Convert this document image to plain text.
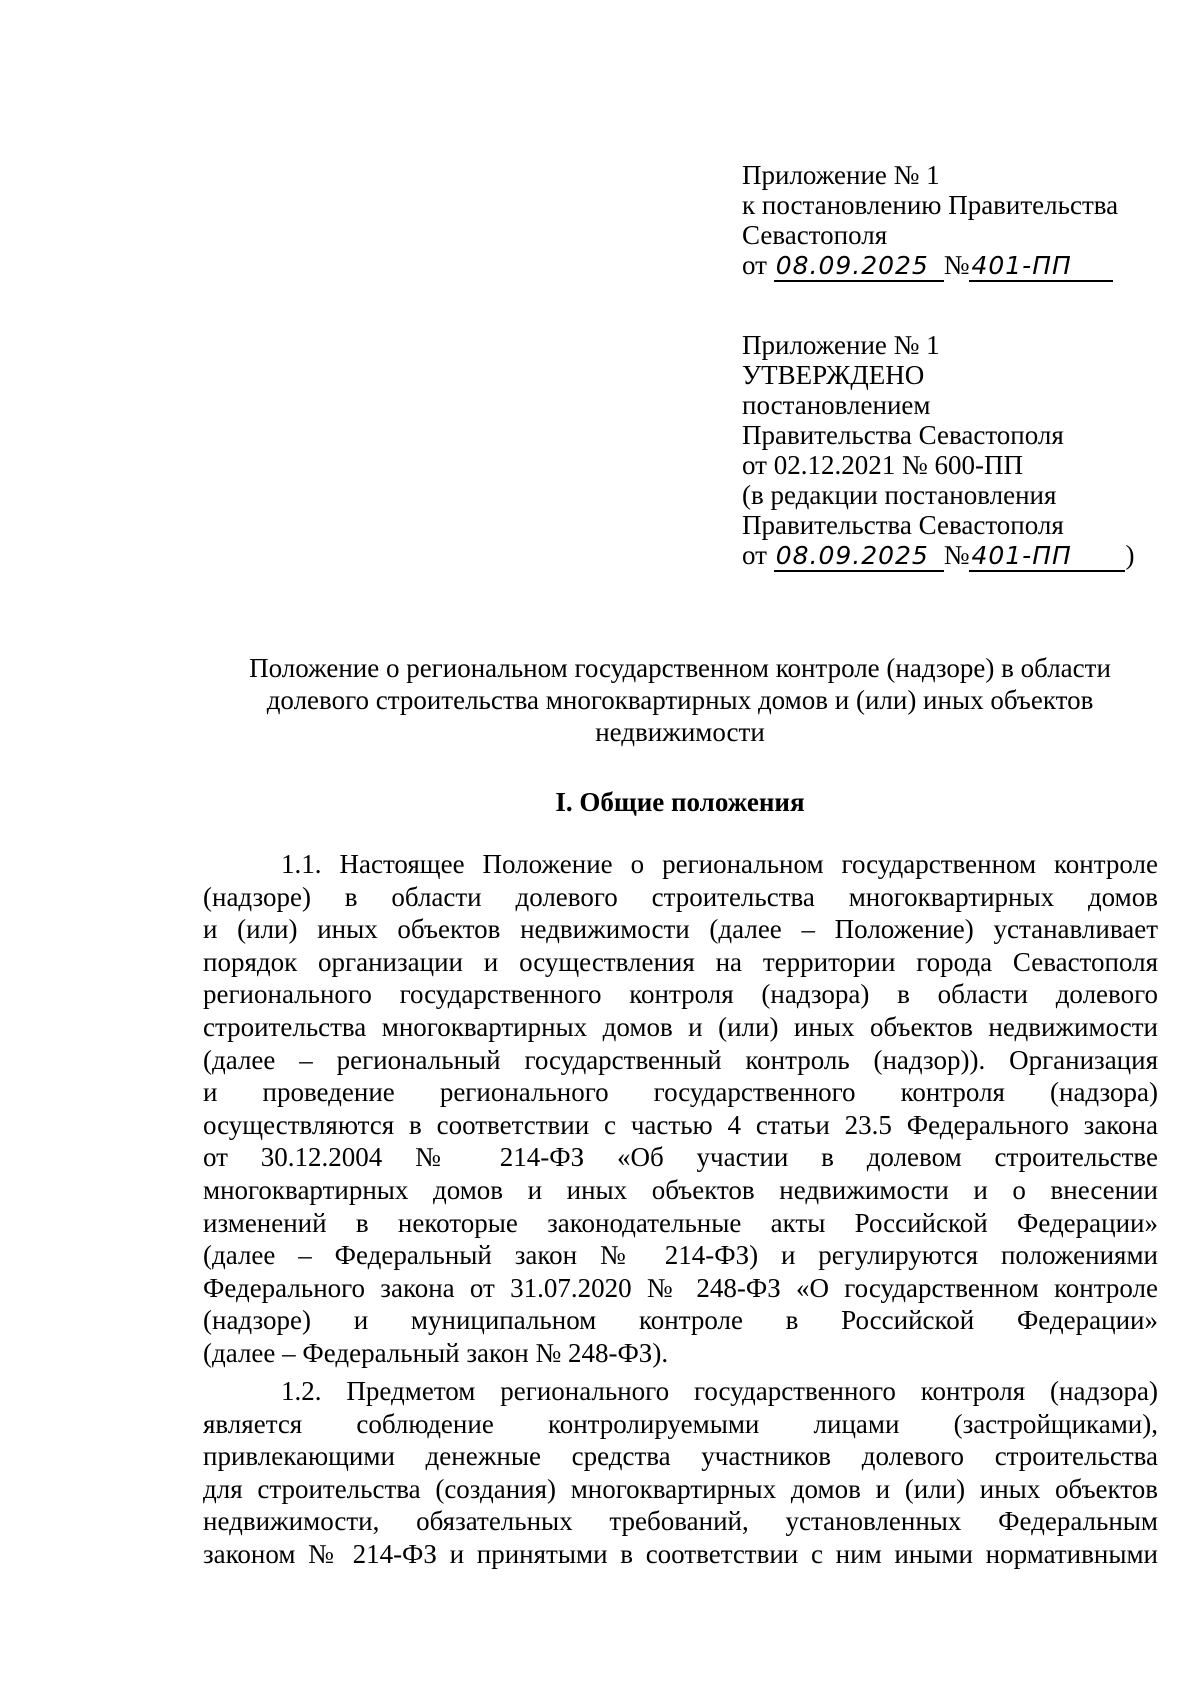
Приложение № 1
к постановлению Правительства
Севастополя
от 08.09.2025 №401-ПП
Приложение № 1
УТВЕРЖДЕНО
постановлением
Правительства Севастополя
от 02.12.2021 № 600-ПП
(в редакции постановления
Правительства Севастополя
от 08.09.2025 №401-ПП )
Положение о региональном государственном контроле (надзоре) в области
долевого строительства многоквартирных домов и (или) иных объектов
недвижимости
I. Общие положения
1.1. Настоящее Положение о региональном государственном контроле
(надзоре) в области долевого строительства многоквартирных домов
и (или) иных объектов недвижимости (далее – Положение) устанавливает
порядок организации и осуществления на территории города Севастополя
регионального государственного контроля (надзора) в области долевого
строительства многоквартирных домов и (или) иных объектов недвижимости
(далее – региональный государственный контроль (надзор)). Организация
и проведение регионального государственного контроля (надзора)
осуществляются в соответствии с частью 4 статьи 23.5 Федерального закона
от 30.12.2004 № 214-ФЗ «Об участии в долевом строительстве
многоквартирных домов и иных объектов недвижимости и о внесении
изменений в некоторые законодательные акты Российской Федерации»
(далее – Федеральный закон № 214-ФЗ) и регулируются положениями
Федерального закона от 31.07.2020 № 248-ФЗ «О государственном контроле
(надзоре) и муниципальном контроле в Российской Федерации»
(далее – Федеральный закон № 248-ФЗ).
1.2. Предметом регионального государственного контроля (надзора)
является соблюдение контролируемыми лицами (застройщиками),
привлекающими денежные средства участников долевого строительства
для строительства (создания) многоквартирных домов и (или) иных объектов
недвижимости, обязательных требований, установленных Федеральным
законом № 214-ФЗ и принятыми в соответствии с ним иными нормативными
